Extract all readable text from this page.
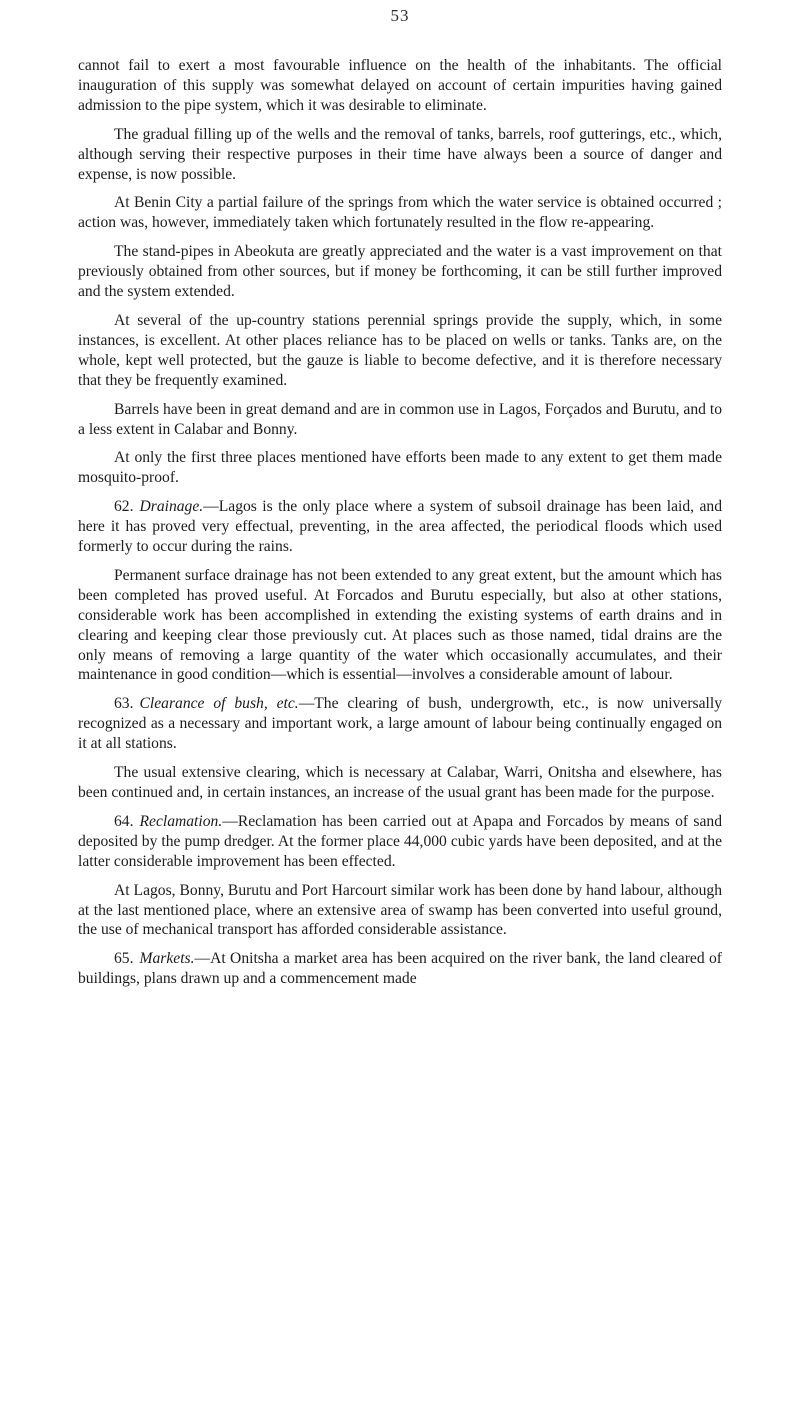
53

cannot fail to exert a most favourable influence on the health of the inhabitants. The official inauguration of this supply was somewhat delayed on account of certain impurities having gained admission to the pipe system, which it was desirable to eliminate.

The gradual filling up of the wells and the removal of tanks, barrels, roof gutterings, etc., which, although serving their respective purposes in their time have always been a source of danger and expense, is now possible.

At Benin City a partial failure of the springs from which the water service is obtained occurred ; action was, however, immediately taken which fortunately resulted in the flow re-appearing.

The stand-pipes in Abeokuta are greatly appreciated and the water is a vast improvement on that previously obtained from other sources, but if money be forthcoming, it can be still further improved and the system extended.

At several of the up-country stations perennial springs provide the supply, which, in some instances, is excellent. At other places reliance has to be placed on wells or tanks. Tanks are, on the whole, kept well protected, but the gauze is liable to become defective, and it is therefore necessary that they be frequently examined.

Barrels have been in great demand and are in common use in Lagos, Forçados and Burutu, and to a less extent in Calabar and Bonny.

At only the first three places mentioned have efforts been made to any extent to get them made mosquito-proof.

62. Drainage.—Lagos is the only place where a system of subsoil drainage has been laid, and here it has proved very effectual, preventing, in the area affected, the periodical floods which used formerly to occur during the rains.

Permanent surface drainage has not been extended to any great extent, but the amount which has been completed has proved useful. At Forcados and Burutu especially, but also at other stations, considerable work has been accomplished in extending the existing systems of earth drains and in clearing and keeping clear those previously cut. At places such as those named, tidal drains are the only means of removing a large quantity of the water which occasionally accumulates, and their maintenance in good condition—which is essential—involves a considerable amount of labour.

63. Clearance of bush, etc.—The clearing of bush, undergrowth, etc., is now universally recognized as a necessary and important work, a large amount of labour being continually engaged on it at all stations.

The usual extensive clearing, which is necessary at Calabar, Warri, Onitsha and elsewhere, has been continued and, in certain instances, an increase of the usual grant has been made for the purpose.

64. Reclamation.—Reclamation has been carried out at Apapa and Forcados by means of sand deposited by the pump dredger. At the former place 44,000 cubic yards have been deposited, and at the latter considerable improvement has been effected.

At Lagos, Bonny, Burutu and Port Harcourt similar work has been done by hand labour, although at the last mentioned place, where an extensive area of swamp has been converted into useful ground, the use of mechanical transport has afforded considerable assistance.

65. Markets.—At Onitsha a market area has been acquired on the river bank, the land cleared of buildings, plans drawn up and a commencement made
